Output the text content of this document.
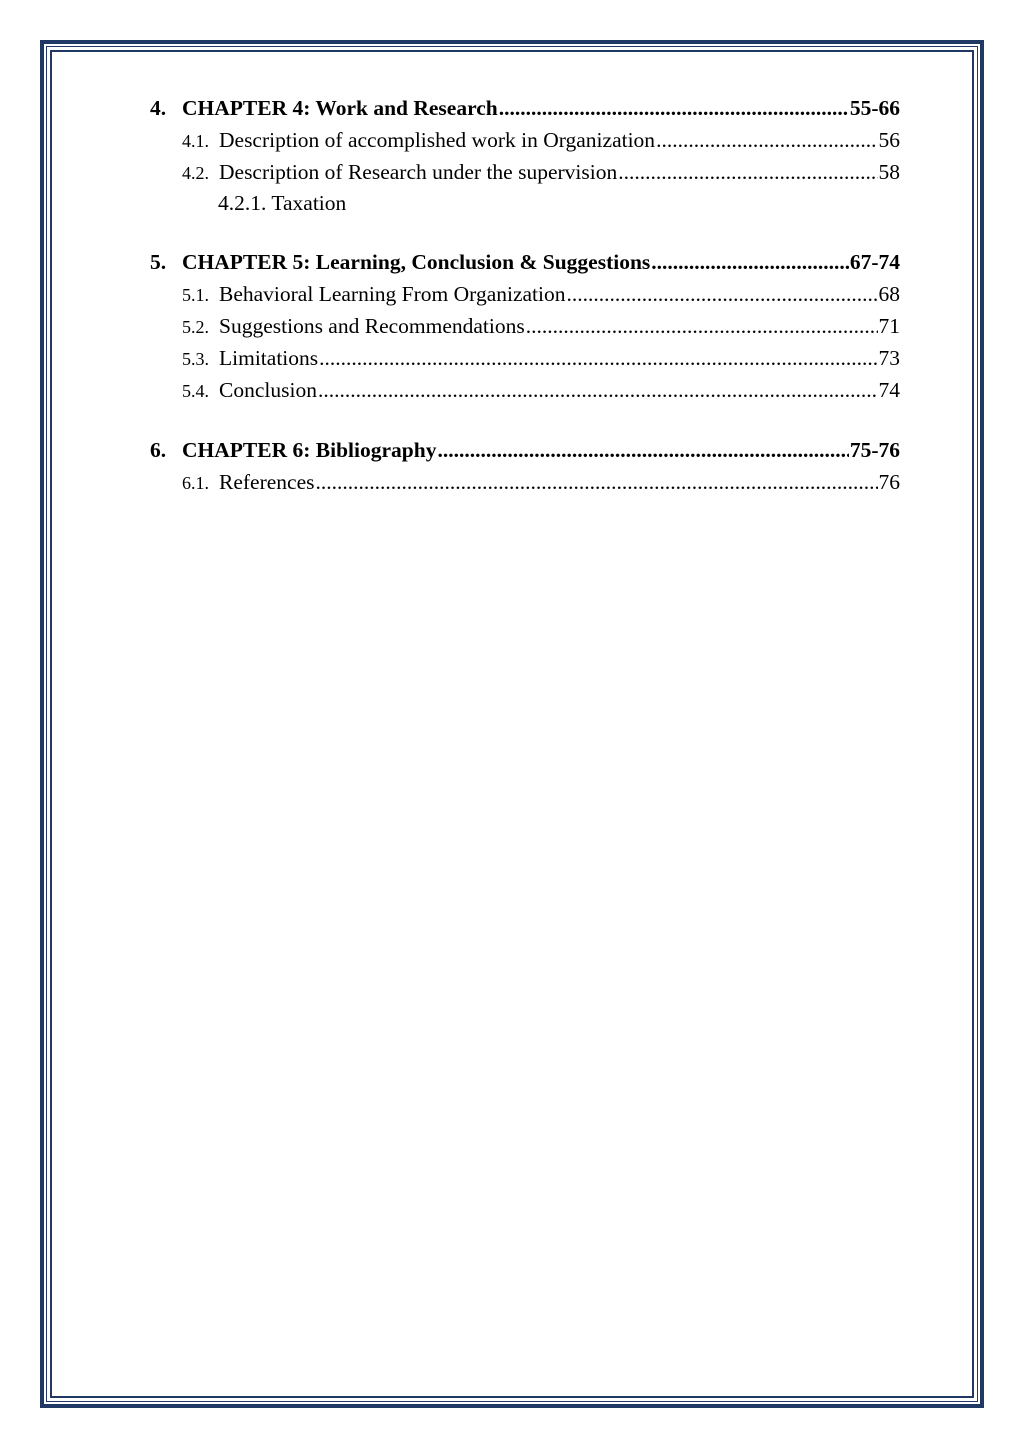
4. CHAPTER 4: Work and Research .....	55-66
4.1. Description of accomplished work in Organization .....	56
4.2. Description of Research under the supervision .....	58
4.2.1. Taxation
5. CHAPTER 5: Learning, Conclusion & Suggestions .....	67-74
5.1. Behavioral Learning From Organization .....	68
5.2. Suggestions and Recommendations .....	71
5.3. Limitations .....	73
5.4. Conclusion .....	74
6. CHAPTER 6: Bibliography .....	75-76
6.1. References .....	76
